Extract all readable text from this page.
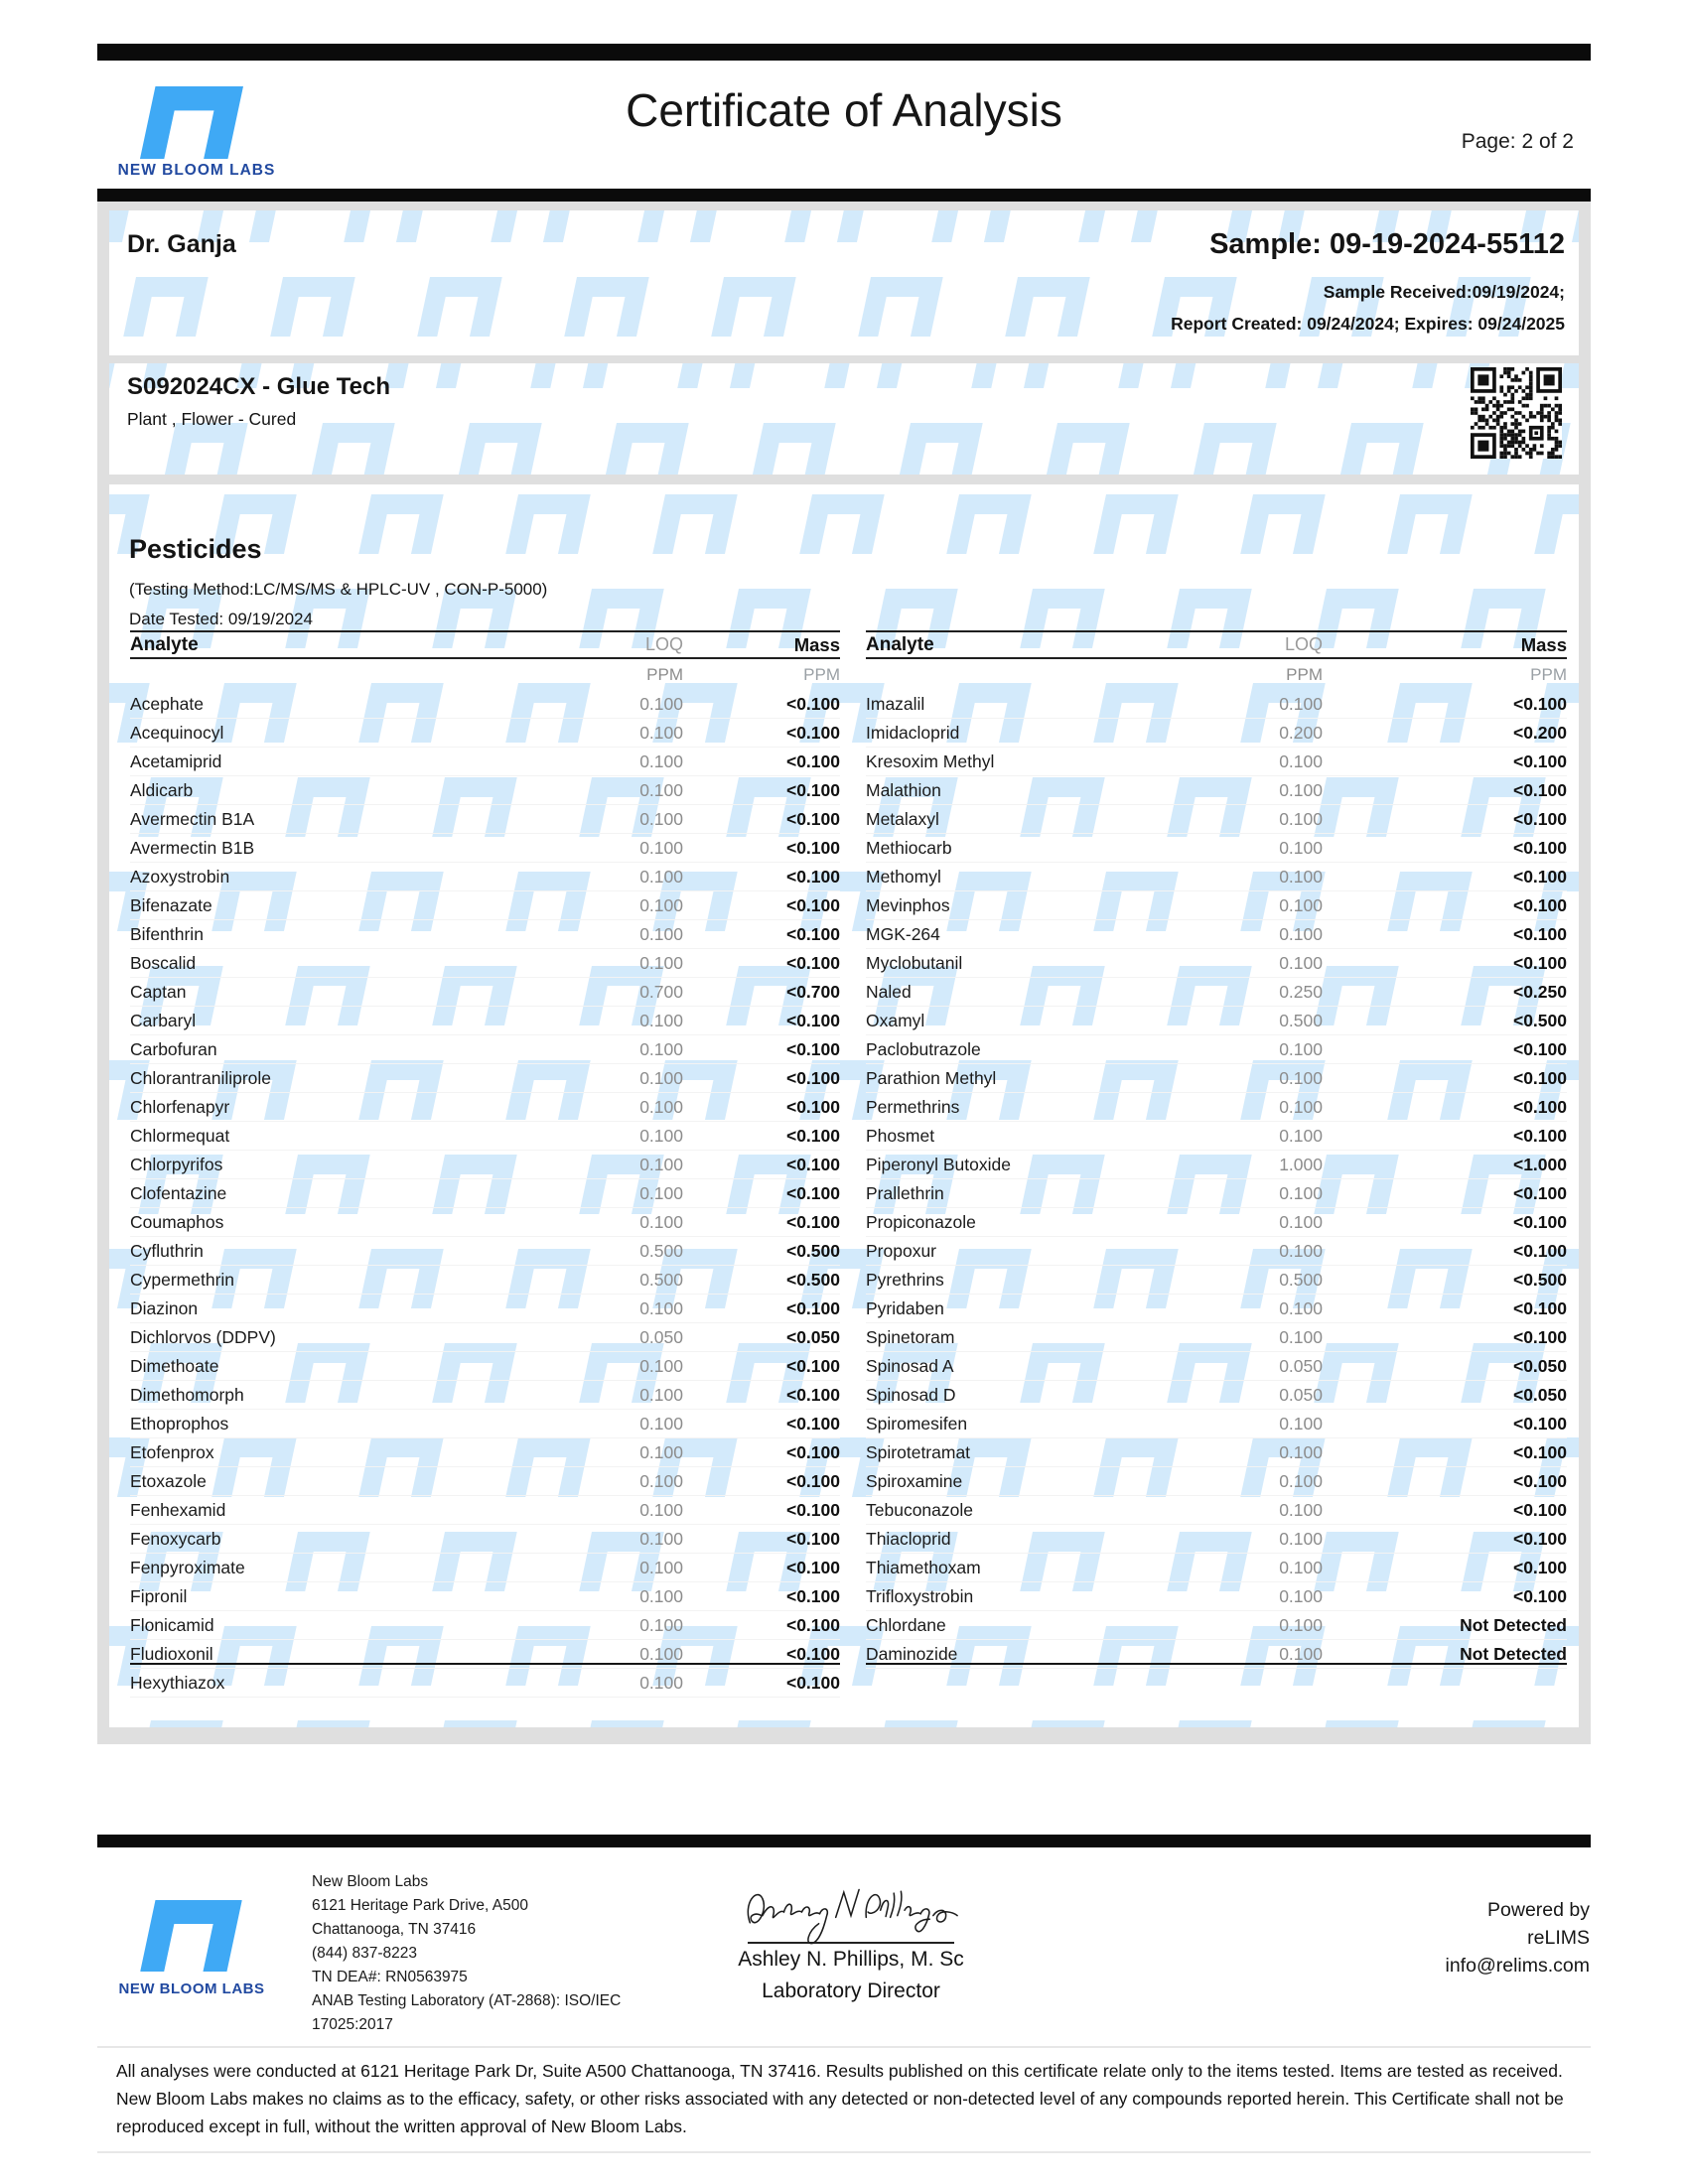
NEW BLOOM LABS
Certificate of Analysis
Page: 2 of 2
Dr. Ganja	Sample: 09-19-2024-55112
Sample Received:09/19/2024;
Report Created: 09/24/2024; Expires: 09/24/2025
S092024CX - Glue Tech
Plant , Flower - Cured
Pesticides
(Testing Method:LC/MS/MS & HPLC-UV , CON-P-5000)
Date Tested: 09/19/2024
Analyte	LOQ	Mass
PPM	PPM
Acephate	0.100	<0.100
Acequinocyl	0.100	<0.100
Acetamiprid	0.100	<0.100
Aldicarb	0.100	<0.100
Avermectin B1A	0.100	<0.100
Avermectin B1B	0.100	<0.100
Azoxystrobin	0.100	<0.100
Bifenazate	0.100	<0.100
Bifenthrin	0.100	<0.100
Boscalid	0.100	<0.100
Captan	0.700	<0.700
Carbaryl	0.100	<0.100
Carbofuran	0.100	<0.100
Chlorantraniliprole	0.100	<0.100
Chlorfenapyr	0.100	<0.100
Chlormequat	0.100	<0.100
Chlorpyrifos	0.100	<0.100
Clofentazine	0.100	<0.100
Coumaphos	0.100	<0.100
Cyfluthrin	0.500	<0.500
Cypermethrin	0.500	<0.500
Diazinon	0.100	<0.100
Dichlorvos (DDPV)	0.050	<0.050
Dimethoate	0.100	<0.100
Dimethomorph	0.100	<0.100
Ethoprophos	0.100	<0.100
Etofenprox	0.100	<0.100
Etoxazole	0.100	<0.100
Fenhexamid	0.100	<0.100
Fenoxycarb	0.100	<0.100
Fenpyroximate	0.100	<0.100
Fipronil	0.100	<0.100
Flonicamid	0.100	<0.100
Fludioxonil	0.100	<0.100
Hexythiazox	0.100	<0.100
Analyte	LOQ	Mass
PPM	PPM
Imazalil	0.100	<0.100
Imidacloprid	0.200	<0.200
Kresoxim Methyl	0.100	<0.100
Malathion	0.100	<0.100
Metalaxyl	0.100	<0.100
Methiocarb	0.100	<0.100
Methomyl	0.100	<0.100
Mevinphos	0.100	<0.100
MGK-264	0.100	<0.100
Myclobutanil	0.100	<0.100
Naled	0.250	<0.250
Oxamyl	0.500	<0.500
Paclobutrazole	0.100	<0.100
Parathion Methyl	0.100	<0.100
Permethrins	0.100	<0.100
Phosmet	0.100	<0.100
Piperonyl Butoxide	1.000	<1.000
Prallethrin	0.100	<0.100
Propiconazole	0.100	<0.100
Propoxur	0.100	<0.100
Pyrethrins	0.500	<0.500
Pyridaben	0.100	<0.100
Spinetoram	0.100	<0.100
Spinosad A	0.050	<0.050
Spinosad D	0.050	<0.050
Spiromesifen	0.100	<0.100
Spirotetramat	0.100	<0.100
Spiroxamine	0.100	<0.100
Tebuconazole	0.100	<0.100
Thiacloprid	0.100	<0.100
Thiamethoxam	0.100	<0.100
Trifloxystrobin	0.100	<0.100
Chlordane	0.100	Not Detected
Daminozide	0.100	Not Detected
NEW BLOOM LABS
New Bloom Labs
6121 Heritage Park Drive, A500
Chattanooga, TN 37416
(844) 837-8223
TN DEA#: RN0563975
ANAB Testing Laboratory (AT-2868): ISO/IEC
17025:2017
Ashley N. Phillips, M. Sc
Laboratory Director
Powered by
reLIMS
info@relims.com
All analyses were conducted at 6121 Heritage Park Dr, Suite A500 Chattanooga, TN 37416. Results published on this certificate relate only to the items tested. Items are tested as received. New Bloom Labs makes no claims as to the efficacy, safety, or other risks associated with any detected or non-detected level of any compounds reported herein. This Certificate shall not be reproduced except in full, without the written approval of New Bloom Labs.
